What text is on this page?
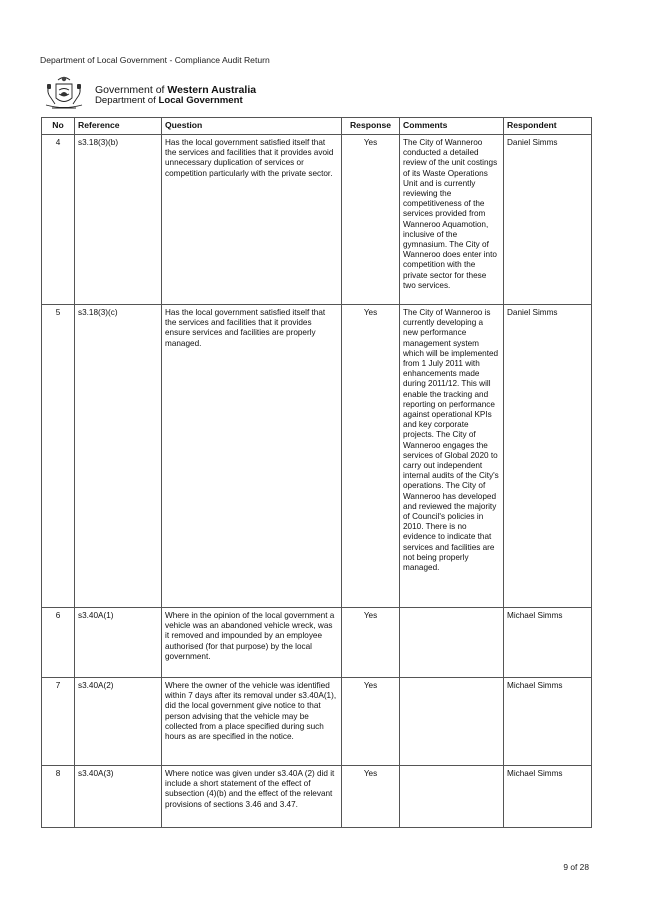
Department of Local Government - Compliance Audit Return
Government of Western Australia
Department of Local Government
No	Reference	Question	Response	Comments	Respondent
4	s3.18(3)(b)	Has the local government satisfied itself that the services and facilities that it provides avoid unnecessary duplication of services or competition particularly with the private sector.	Yes	The City of Wanneroo conducted a detailed review of the unit costings of its Waste Operations Unit and is currently reviewing the competitiveness of the services provided from Wanneroo Aquamotion, inclusive of the gymnasium. The City of Wanneroo does enter into competition with the private sector for these two services.	Daniel Simms
5	s3.18(3)(c)	Has the local government satisfied itself that the services and facilities that it provides ensure services and facilities are properly managed.	Yes	The City of Wanneroo is currently developing a new performance management system which will be implemented from 1 July 2011 with enhancements made during 2011/12. This will enable the tracking and reporting on performance against operational KPIs and key corporate projects. The City of Wanneroo engages the services of Global 2020 to carry out independent internal audits of the City's operations. The City of Wanneroo has developed and reviewed the majority of Council's policies in 2010. There is no evidence to indicate that services and facilities are not being properly managed.	Daniel Simms
6	s3.40A(1)	Where in the opinion of the local government a vehicle was an abandoned vehicle wreck, was it removed and impounded by an employee authorised (for that purpose) by the local government.	Yes		Michael Simms
7	s3.40A(2)	Where the owner of the vehicle was identified within 7 days after its removal under s3.40A(1), did the local government give notice to that person advising that the vehicle may be collected from a place specified during such hours as are specified in the notice.	Yes		Michael Simms
8	s3.40A(3)	Where notice was given under s3.40A (2) did it include a short statement of the effect of subsection (4)(b) and the effect of the relevant provisions of sections 3.46 and 3.47.	Yes		Michael Simms
9 of 28
